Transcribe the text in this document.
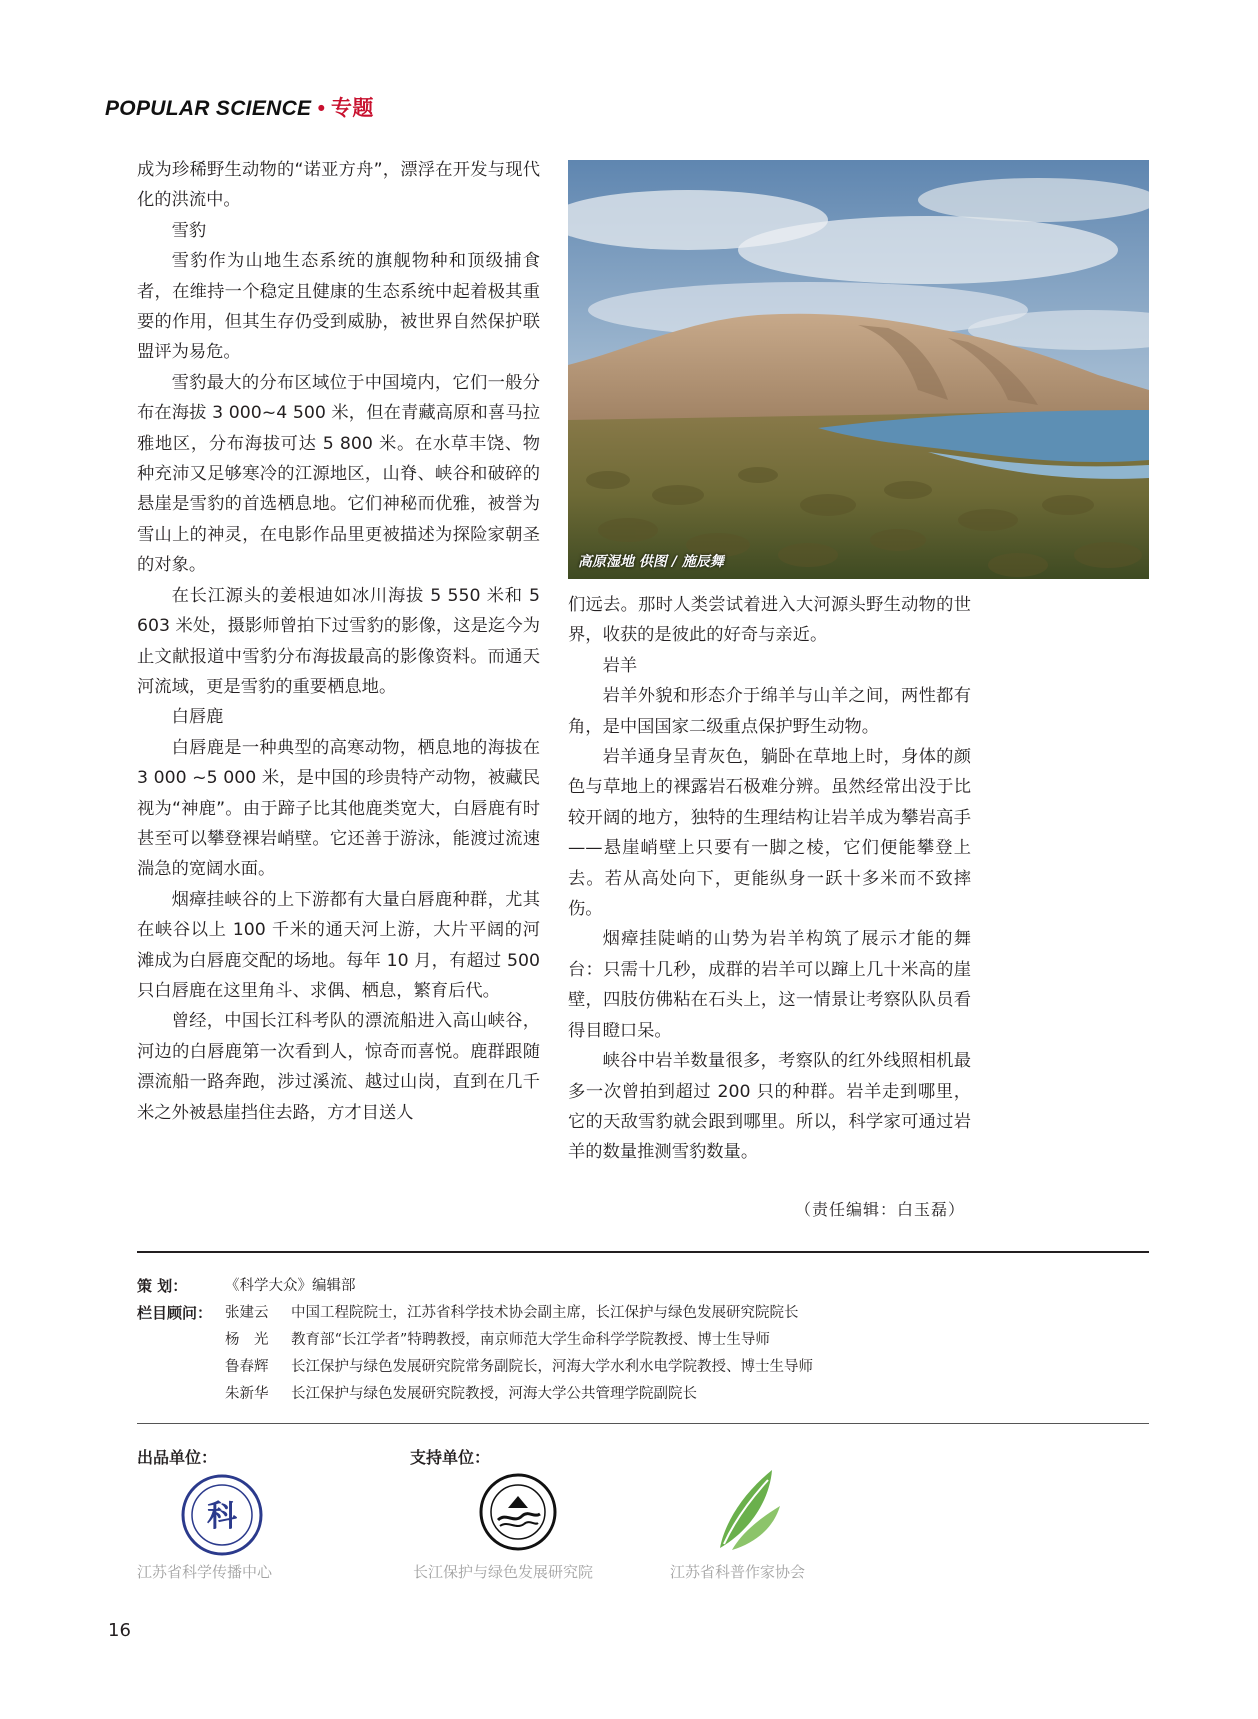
POPULAR SCIENCE • 专题

成为珍稀野生动物的“诺亚方舟”，漂浮在开发与现代化的洪流中。

雪豹

雪豹作为山地生态系统的旗舰物种和顶级捕食者，在维持一个稳定且健康的生态系统中起着极其重要的作用，但其生存仍受到威胁，被世界自然保护联盟评为易危。

雪豹最大的分布区域位于中国境内，它们一般分布在海拔 3 000~4 500 米，但在青藏高原和喜马拉雅地区，分布海拔可达 5 800 米。在水草丰饶、物种充沛又足够寒冷的江源地区，山脊、峡谷和破碎的悬崖是雪豹的首选栖息地。它们神秘而优雅，被誉为雪山上的神灵，在电影作品里更被描述为探险家朝圣的对象。

在长江源头的姜根迪如冰川海拔 5 550 米和 5 603 米处，摄影师曾拍下过雪豹的影像，这是迄今为止文献报道中雪豹分布海拔最高的影像资料。而通天河流域，更是雪豹的重要栖息地。

白唇鹿

白唇鹿是一种典型的高寒动物，栖息地的海拔在 3 000 ~5 000 米，是中国的珍贵特产动物，被藏民视为“神鹿”。由于蹄子比其他鹿类宽大，白唇鹿有时甚至可以攀登裸岩峭壁。它还善于游泳，能渡过流速湍急的宽阔水面。

烟瘴挂峡谷的上下游都有大量白唇鹿种群，尤其在峡谷以上 100 千米的通天河上游，大片平阔的河滩成为白唇鹿交配的场地。每年 10 月，有超过 500 只白唇鹿在这里角斗、求偶、栖息，繁育后代。

曾经，中国长江科考队的漂流船进入高山峡谷，河边的白唇鹿第一次看到人，惊奇而喜悦。鹿群跟随漂流船一路奔跑，涉过溪流、越过山岗，直到在几千米之外被悬崖挡住去路，方才目送人

高原湿地 供图 / 施辰舞

们远去。那时人类尝试着进入大河源头野生动物的世界，收获的是彼此的好奇与亲近。

岩羊

岩羊外貌和形态介于绵羊与山羊之间，两性都有角，是中国国家二级重点保护野生动物。

岩羊通身呈青灰色，躺卧在草地上时，身体的颜色与草地上的裸露岩石极难分辨。虽然经常出没于比较开阔的地方，独特的生理结构让岩羊成为攀岩高手——悬崖峭壁上只要有一脚之棱，它们便能攀登上去。若从高处向下，更能纵身一跃十多米而不致摔伤。

烟瘴挂陡峭的山势为岩羊构筑了展示才能的舞台：只需十几秒，成群的岩羊可以蹿上几十米高的崖壁，四肢仿佛粘在石头上，这一情景让考察队队员看得目瞪口呆。

峡谷中岩羊数量很多，考察队的红外线照相机最多一次曾拍到超过 200 只的种群。岩羊走到哪里，它的天敌雪豹就会跟到哪里。所以，科学家可通过岩羊的数量推测雪豹数量。

（责任编辑：白玉磊）
策 划：	《科学大众》编辑部
栏目顾问： 张建云	中国工程院院士，江苏省科学技术协会副主席，长江保护与绿色发展研究院院长
杨　光	教育部“长江学者”特聘教授，南京师范大学生命科学学院教授、博士生导师
鲁春辉	长江保护与绿色发展研究院常务副院长，河海大学水利水电学院教授、博士生导师
朱新华	长江保护与绿色发展研究院教授，河海大学公共管理学院副院长
出品单位：	支持单位：
科
江苏省科学传播中心	长江保护与绿色发展研究院	江苏省科普作家协会
16
